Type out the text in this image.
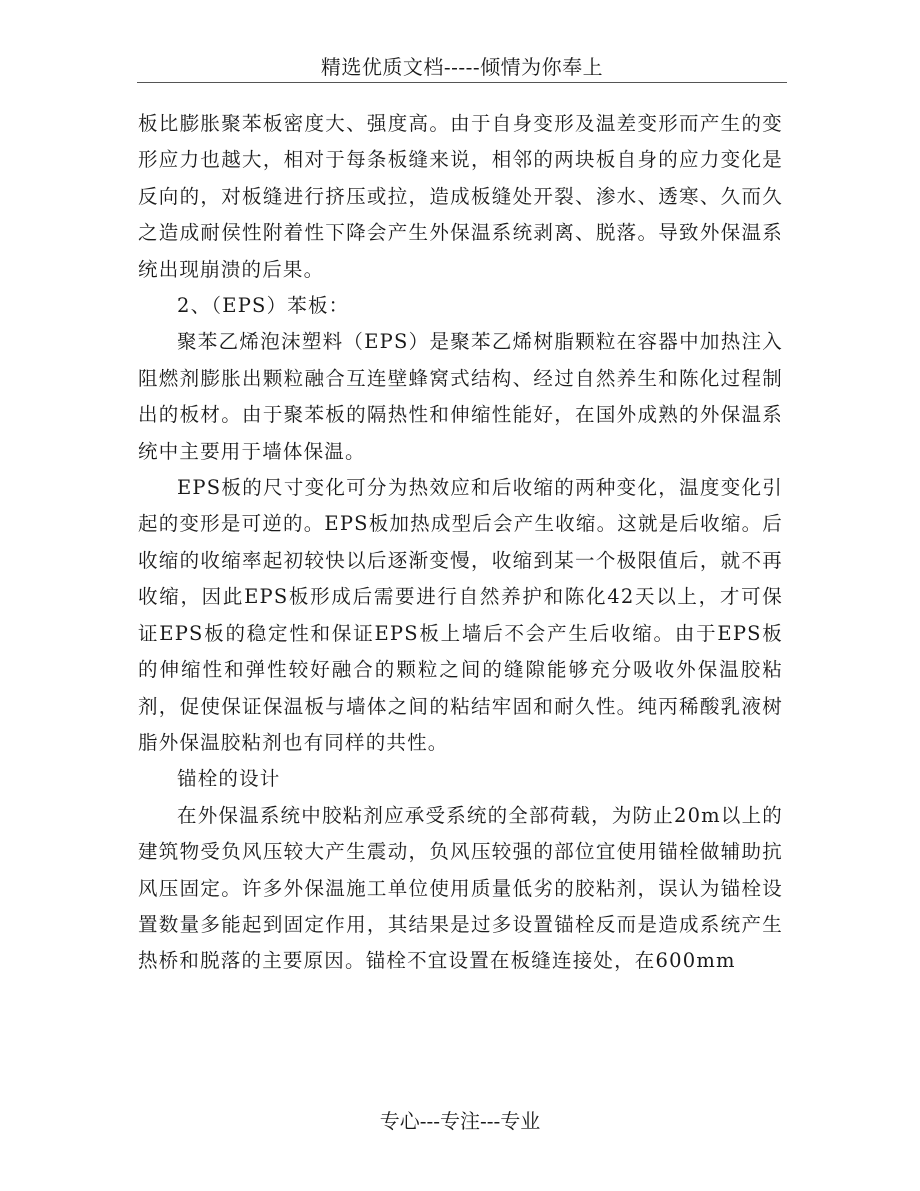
精选优质文档-----倾情为你奉上

板比膨胀聚苯板密度大、强度高。由于自身变形及温差变形而产生的变形应力也越大，相对于每条板缝来说，相邻的两块板自身的应力变化是反向的，对板缝进行挤压或拉，造成板缝处开裂、渗水、透寒、久而久之造成耐侯性附着性下降会产生外保温系统剥离、脱落。导致外保温系统出现崩溃的后果。

2、（EPS）苯板：

聚苯乙烯泡沫塑料（EPS）是聚苯乙烯树脂颗粒在容器中加热注入阻燃剂膨胀出颗粒融合互连壁蜂窝式结构、经过自然养生和陈化过程制出的板材。由于聚苯板的隔热性和伸缩性能好，在国外成熟的外保温系统中主要用于墙体保温。

EPS板的尺寸变化可分为热效应和后收缩的两种变化，温度变化引起的变形是可逆的。EPS板加热成型后会产生收缩。这就是后收缩。后收缩的收缩率起初较快以后逐渐变慢，收缩到某一个极限值后，就不再收缩，因此EPS板形成后需要进行自然养护和陈化42天以上，才可保证EPS板的稳定性和保证EPS板上墙后不会产生后收缩。由于EPS板的伸缩性和弹性较好融合的颗粒之间的缝隙能够充分吸收外保温胶粘剂，促使保证保温板与墙体之间的粘结牢固和耐久性。纯丙稀酸乳液树脂外保温胶粘剂也有同样的共性。

锚栓的设计

在外保温系统中胶粘剂应承受系统的全部荷载，为防止20m以上的建筑物受负风压较大产生震动，负风压较强的部位宜使用锚栓做辅助抗风压固定。许多外保温施工单位使用质量低劣的胶粘剂，误认为锚栓设置数量多能起到固定作用，其结果是过多设置锚栓反而是造成系统产生热桥和脱落的主要原因。锚栓不宜设置在板缝连接处，在600mm

专心---专注---专业
